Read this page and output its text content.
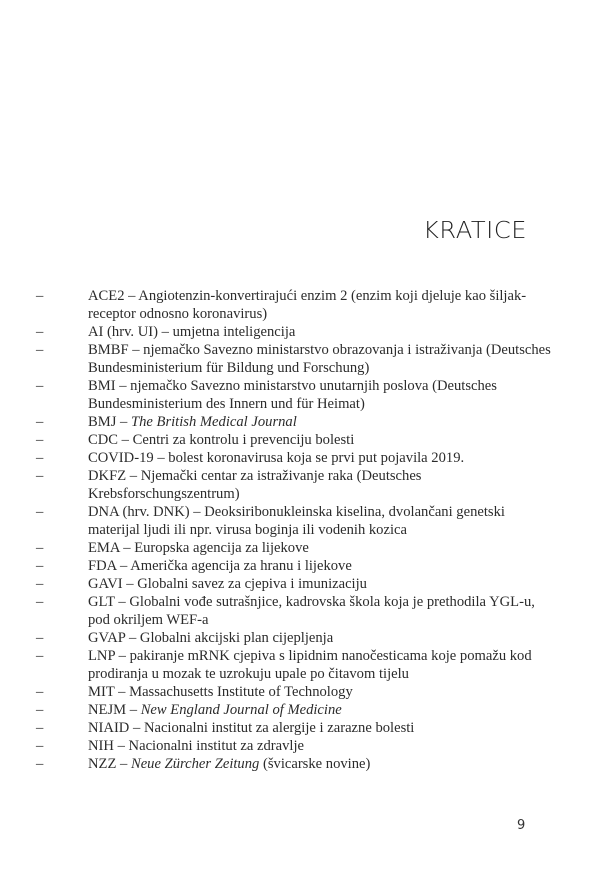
KRATICE
–	ACE2 – Angiotenzin-konvertirajući enzim 2 (enzim koji djeluje kao šiljak-receptor odnosno koronavirus)
–	AI (hrv. UI) – umjetna inteligencija
–	BMBF – njemačko Savezno ministarstvo obrazovanja i istraživanja (Deutsches Bundesministerium für Bildung und Forschung)
–	BMI – njemačko Savezno ministarstvo unutarnjih poslova (Deutsches Bundesministerium des Innern und für Heimat)
–	BMJ – The British Medical Journal
–	CDC – Centri za kontrolu i prevenciju bolesti
–	COVID-19 – bolest koronavirusa koja se prvi put pojavila 2019.
–	DKFZ – Njemački centar za istraživanje raka (Deutsches Krebsforschungszentrum)
–	DNA (hrv. DNK) – Deoksiribonukleinska kiselina, dvolančani genetski materijal ljudi ili npr. virusa boginja ili vodenih kozica
–	EMA – Europska agencija za lijekove
–	FDA – Američka agencija za hranu i lijekove
–	GAVI – Globalni savez za cjepiva i imunizaciju
–	GLT – Globalni vođe sutrašnjice, kadrovska škola koja je prethodila YGL-u, pod okriljem WEF-a
–	GVAP – Globalni akcijski plan cijepljenja
–	LNP – pakiranje mRNK cjepiva s lipidnim nanočesticama koje pomažu kod prodiranja u mozak te uzrokuju upale po čitavom tijelu
–	MIT – Massachusetts Institute of Technology
–	NEJM – New England Journal of Medicine
–	NIAID – Nacionalni institut za alergije i zarazne bolesti
–	NIH – Nacionalni institut za zdravlje
–	NZZ – Neue Zürcher Zeitung (švicarske novine)
9
